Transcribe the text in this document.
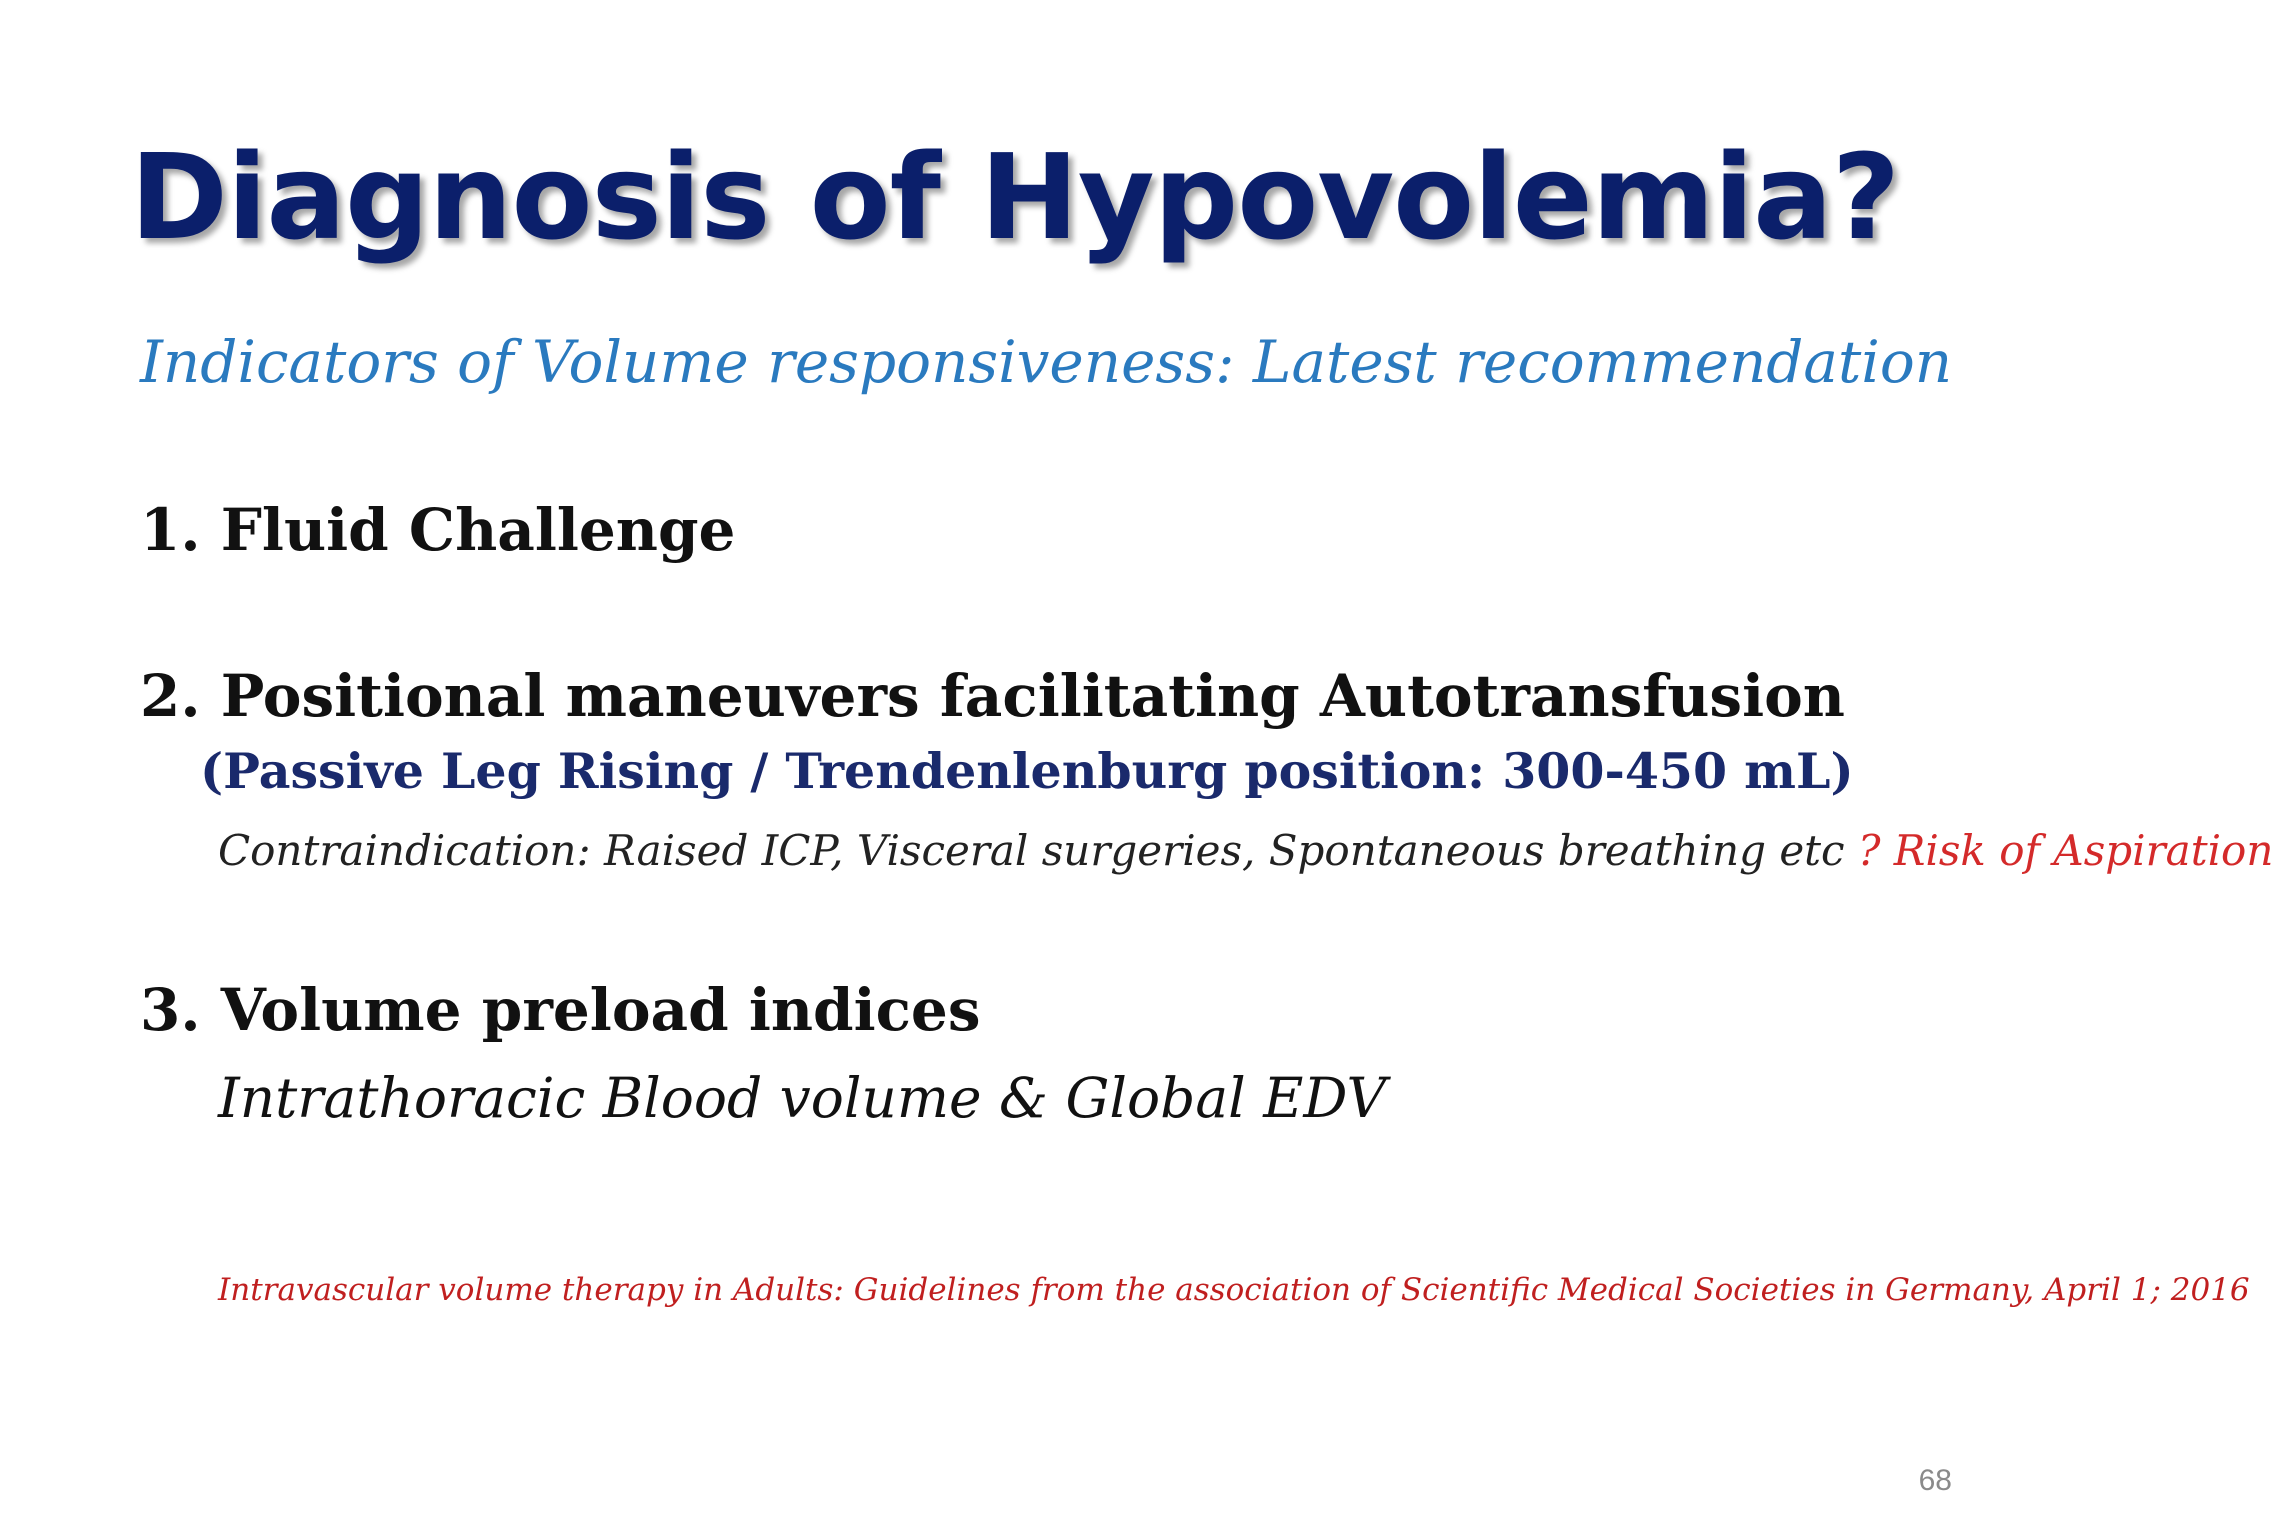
Diagnosis of Hypovolemia?
Indicators of Volume responsiveness: Latest recommendation
1. Fluid Challenge
2. Positional maneuvers facilitating Autotransfusion
(Passive Leg Rising / Trendenlenburg position: 300-450 mL)
Contraindication: Raised ICP, Visceral surgeries, Spontaneous breathing etc ? Risk of Aspiration
3. Volume preload indices
Intrathoracic Blood volume & Global EDV
Intravascular volume therapy in Adults: Guidelines from the association of Scientific Medical Societies in Germany, April 1; 2016
68
